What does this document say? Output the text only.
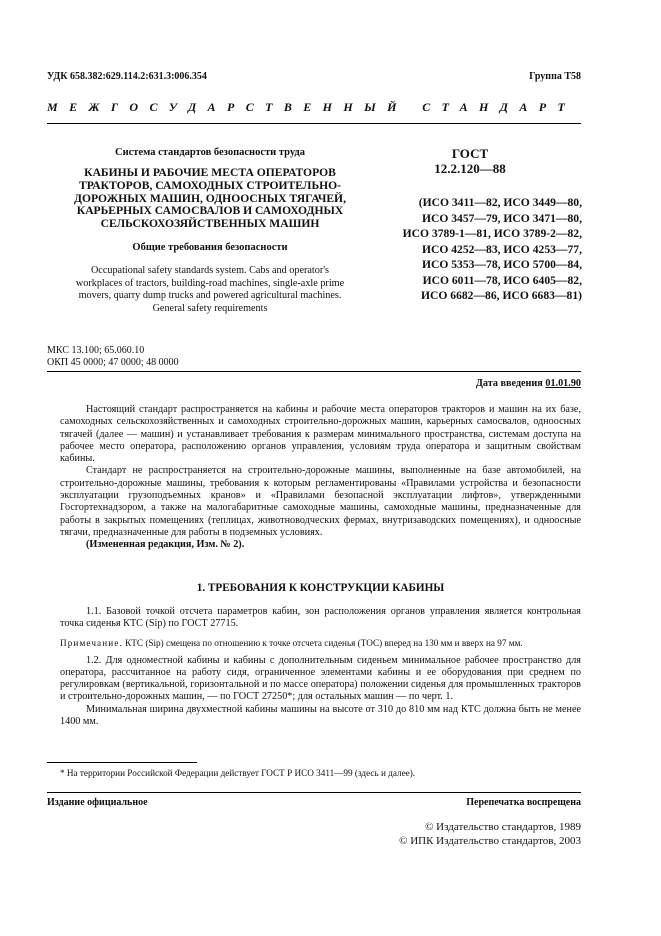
УДК 658.382:629.114.2:631.3:006.354	Группа Т58
МЕЖГОСУДАРСТВЕННЫЙ СТАНДАРТ
Система стандартов безопасности труда
КАБИНЫ И РАБОЧИЕ МЕСТА ОПЕРАТОРОВ
ТРАКТОРОВ, САМОХОДНЫХ СТРОИТЕЛЬНО-
ДОРОЖНЫХ МАШИН, ОДНООСНЫХ ТЯГАЧЕЙ,
КАРЬЕРНЫХ САМОСВАЛОВ И САМОХОДНЫХ
СЕЛЬСКОХОЗЯЙСТВЕННЫХ МАШИН
Общие требования безопасности
Occupational safety standards system. Cabs and operator's
workplaces of tractors, building-road machines, single-axle prime
movers, quarry dump trucks and powered agricultural machines.
General safety requirements
ГОСТ
12.2.120—88
(ИСО 3411—82, ИСО 3449—80,
ИСО 3457—79, ИСО 3471—80,
ИСО 3789-1—81, ИСО 3789-2—82,
ИСО 4252—83, ИСО 4253—77,
ИСО 5353—78, ИСО 5700—84,
ИСО 6011—78, ИСО 6405—82,
ИСО 6682—86, ИСО 6683—81)
МКС 13.100; 65.060.10
ОКП 45 0000; 47 0000; 48 0000
Дата введения 01.01.90

Настоящий стандарт распространяется на кабины и рабочие места операторов тракторов и машин на их базе, самоходных сельскохозяйственных и самоходных строительно-дорожных машин, карьерных самосвалов, одноосных тягачей (далее — машин) и устанавливает требования к размерам минимального пространства, системам доступа на рабочее место оператора, расположению органов управления, условиям труда оператора и защитным свойствам кабины.

Стандарт не распространяется на строительно-дорожные машины, выполненные на базе автомобилей, на строительно-дорожные машины, требования к которым регламентированы «Правилами устройства и безопасности эксплуатации грузоподъемных кранов» и «Правилами безопасной эксплуатации лифтов», утвержденными Госгортехнадзором, а также на малогабаритные самоходные машины, самоходные машины, предназначенные для работы в закрытых помещениях (теплицах, животноводческих фермах, внутризаводских помещениях), и одноосные тягачи, предназначенные для работы в подземных условиях.

(Измененная редакция, Изм. № 2).

1. ТРЕБОВАНИЯ К КОНСТРУКЦИИ КАБИНЫ

1.1. Базовой точкой отсчета параметров кабин, зон расположения органов управления является контрольная точка сиденья КТС (Sip) по ГОСТ 27715.

Примечание. КТС (Sip) смещена по отношению к точке отсчета сиденья (ТОС) вперед на 130 мм и вверх на 97 мм.

1.2. Для одноместной кабины и кабины с дополнительным сиденьем минимальное рабочее пространство для оператора, рассчитанное на работу сидя, ограниченное элементами кабины и ее оборудования при среднем по регулировкам (вертикальной, горизонтальной и по массе оператора) положении сиденья для промышленных тракторов и строительно-дорожных машин, — по ГОСТ 27250*; для остальных машин — по черт. 1.

Минимальная ширина двухместной кабины машины на высоте от 310 до 810 мм над КТС должна быть не менее 1400 мм.

* На территории Российской Федерации действует ГОСТ Р ИСО 3411—99 (здесь и далее).
Издание официальное	Перепечатка воспрещена
© Издательство стандартов, 1989
© ИПК Издательство стандартов, 2003
